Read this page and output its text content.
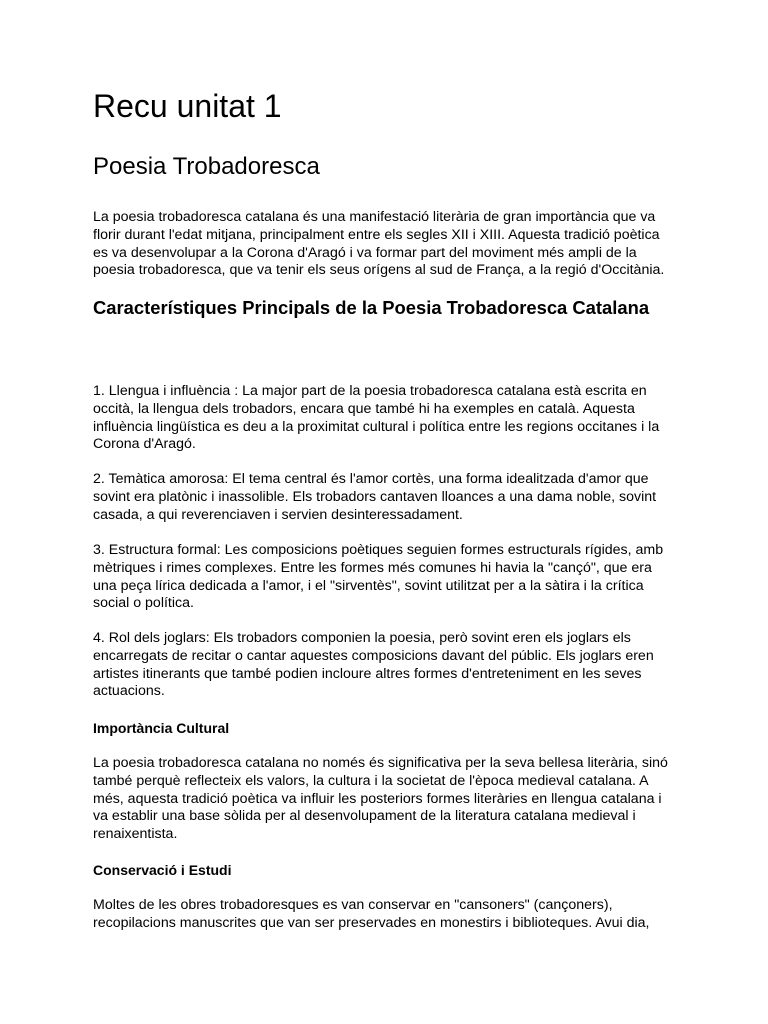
Recu unitat 1
Poesia Trobadoresca

La poesia trobadoresca catalana és una manifestació literària de gran importància que va florir durant l'edat mitjana, principalment entre els segles XII i XIII. Aquesta tradició poètica es va desenvolupar a la Corona d'Aragó i va formar part del moviment més ampli de la poesia trobadoresca, que va tenir els seus orígens al sud de França, a la regió d'Occitània.

Característiques Principals de la Poesia Trobadoresca Catalana

1. Llengua i influència : La major part de la poesia trobadoresca catalana està escrita en occità, la llengua dels trobadors, encara que també hi ha exemples en català. Aquesta influència lingüística es deu a la proximitat cultural i política entre les regions occitanes i la Corona d'Aragó.

2. Temàtica amorosa: El tema central és l'amor cortès, una forma idealitzada d'amor que sovint era platònic i inassolible. Els trobadors cantaven lloances a una dama noble, sovint casada, a qui reverenciaven i servien desinteressadament.

3. Estructura formal: Les composicions poètiques seguien formes estructurals rígides, amb mètriques i rimes complexes. Entre les formes més comunes hi havia la "cançó", que era una peça lírica dedicada a l'amor, i el "sirventès", sovint utilitzat per a la sàtira i la crítica social o política.

4. Rol dels joglars: Els trobadors componien la poesia, però sovint eren els joglars els encarregats de recitar o cantar aquestes composicions davant del públic. Els joglars eren artistes itinerants que també podien incloure altres formes d'entreteniment en les seves actuacions.

Importància Cultural

La poesia trobadoresca catalana no només és significativa per la seva bellesa literària, sinó també perquè reflecteix els valors, la cultura i la societat de l'època medieval catalana. A més, aquesta tradició poètica va influir les posteriors formes literàries en llengua catalana i va establir una base sòlida per al desenvolupament de la literatura catalana medieval i renaixentista.

Conservació i Estudi

Moltes de les obres trobadoresques es van conservar en "cansoners" (cançoners), recopilacions manuscrites que van ser preservades en monestirs i biblioteques. Avui dia,
